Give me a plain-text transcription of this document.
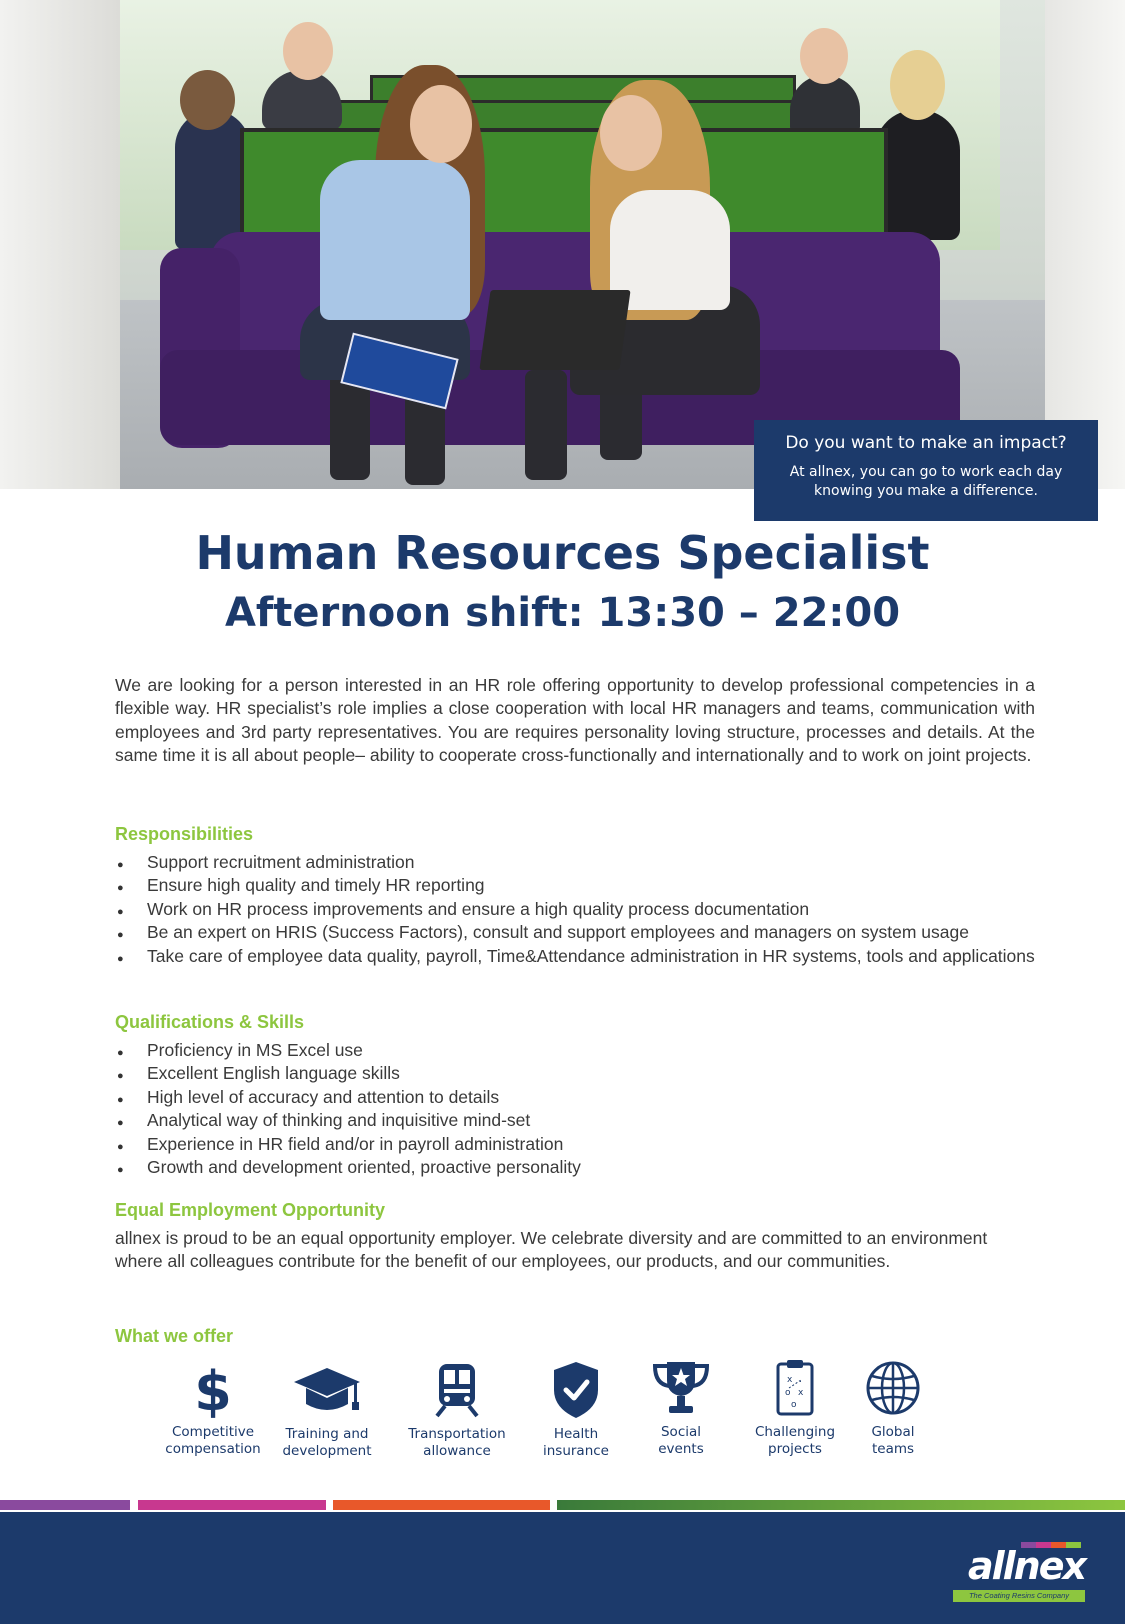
Do you want to make an impact?
At allnex, you can go to work each day knowing you make a difference.
Human Resources Specialist
Afternoon shift: 13:30 – 22:00
We are looking for a person interested in an HR role offering opportunity to develop professional competencies in a flexible way. HR specialist’s role implies a close cooperation with local HR managers and teams, communication with employees and 3rd party representatives. You are requires personality loving structure, processes and details. At the same time it is all about people– ability to cooperate cross-functionally and internationally and to work on joint projects.
Responsibilities
● Support recruitment administration
● Ensure high quality and timely HR reporting
● Work on HR process improvements and ensure a high quality process documentation
● Be an expert on HRIS (Success Factors), consult and support employees and managers on system usage
● Take care of employee data quality, payroll, Time&Attendance administration in HR systems, tools and applications
Qualifications & Skills
● Proficiency in MS Excel use
● Excellent English language skills
● High level of accuracy and attention to details
● Analytical way of thinking and inquisitive mind-set
● Experience in HR field and/or in payroll administration
● Growth and development oriented, proactive personality
Equal Employment Opportunity
allnex is proud to be an equal opportunity employer. We celebrate diversity and are committed to an environment where all colleagues contribute for the benefit of our employees, our products, and our communities.
What we offer
$
Competitive
compensation
Training and
development
Transportation
allowance
Health
insurance
Social
events
x .
o x
o
Challenging
projects
Global
teams
allnex
The Coating Resins Company
